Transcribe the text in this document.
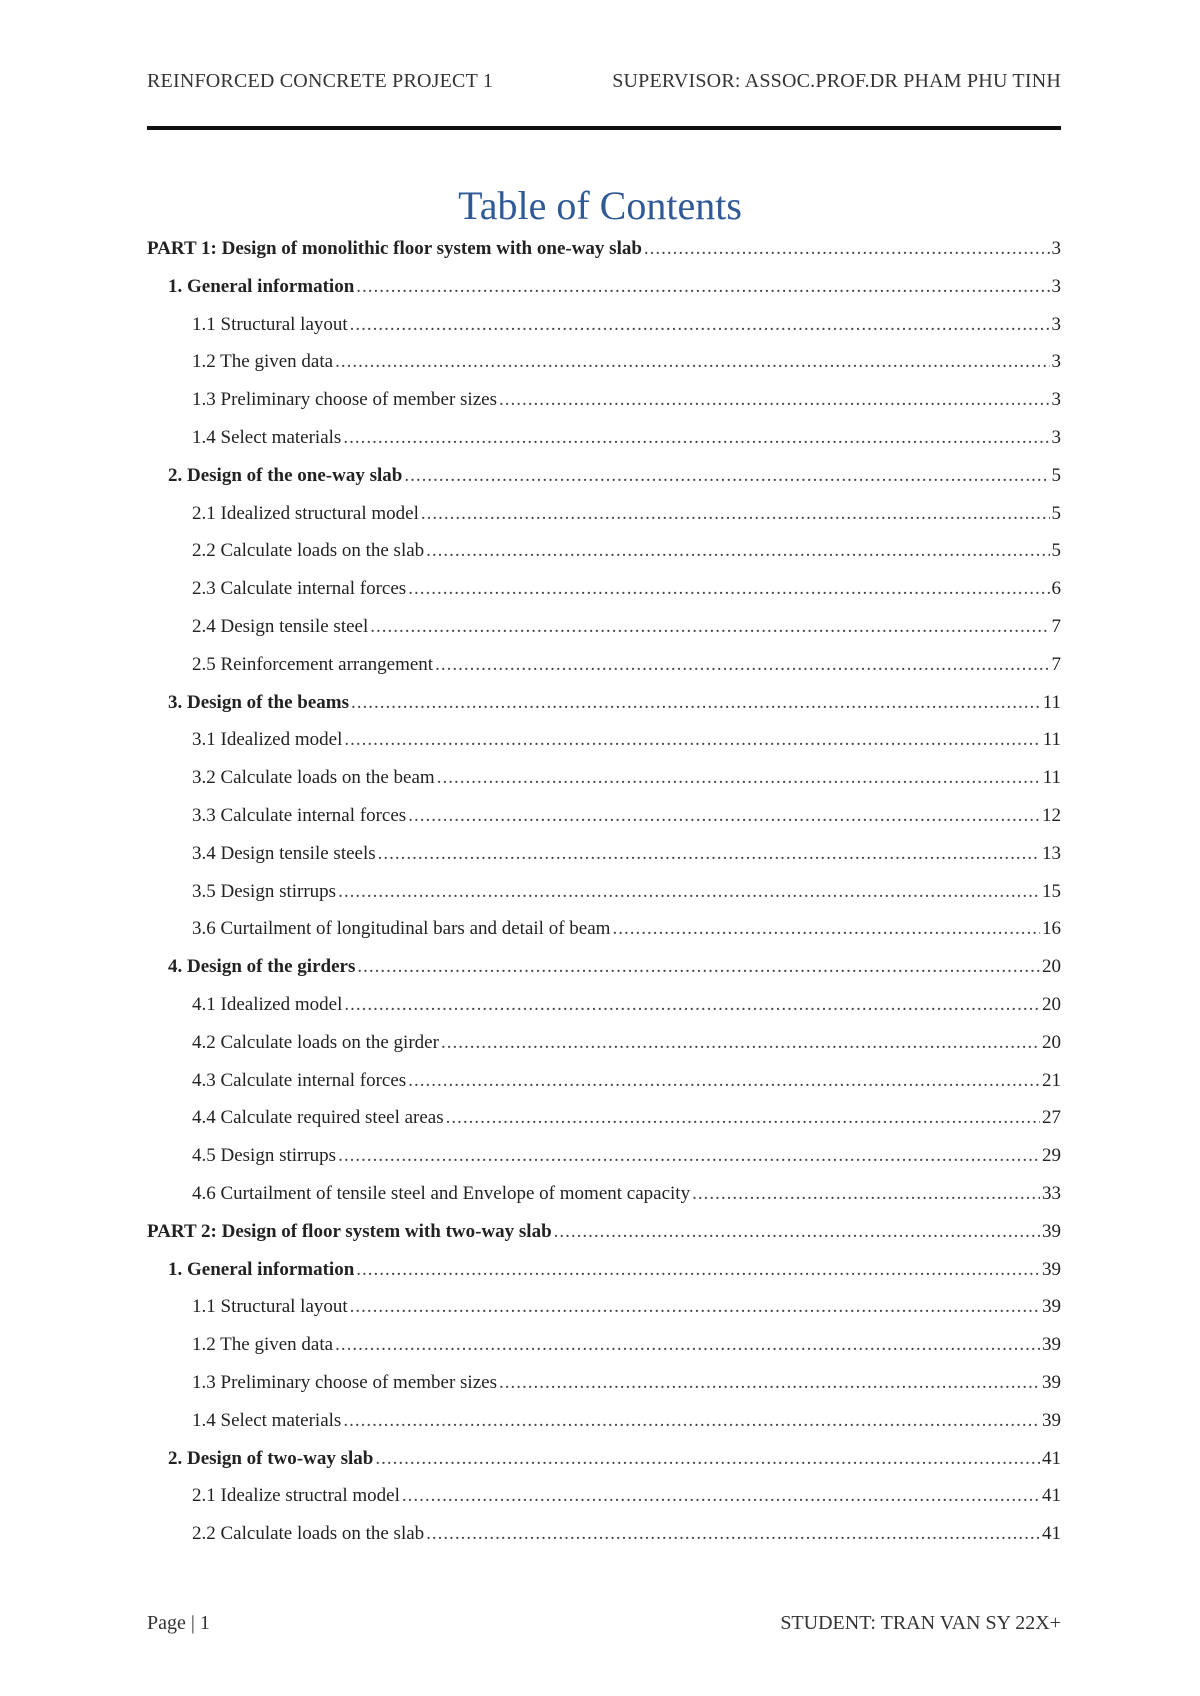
REINFORCED CONCRETE PROJECT 1	SUPERVISOR: ASSOC.PROF.DR PHAM PHU TINH
Table of Contents
PART 1: Design of monolithic floor system with one-way slab .....	3
1. General information .....	3
1.1 Structural layout .....	3
1.2 The given data .....	3
1.3 Preliminary choose of member sizes .....	3
1.4 Select materials .....	3
2. Design of the one-way slab .....	5
2.1 Idealized structural model .....	5
2.2 Calculate loads on the slab .....	5
2.3 Calculate internal forces .....	6
2.4 Design tensile steel .....	7
2.5 Reinforcement arrangement .....	7
3. Design of the beams .....	11
3.1 Idealized model .....	11
3.2 Calculate loads on the beam .....	11
3.3 Calculate internal forces .....	12
3.4 Design tensile steels .....	13
3.5 Design stirrups .....	15
3.6 Curtailment of longitudinal bars and detail of beam .....	16
4. Design of the girders .....	20
4.1 Idealized model .....	20
4.2 Calculate loads on the girder .....	20
4.3 Calculate internal forces .....	21
4.4 Calculate required steel areas .....	27
4.5 Design stirrups .....	29
4.6 Curtailment of tensile steel and Envelope of moment capacity .....	33
PART 2: Design of floor system with two-way slab .....	39
1. General information .....	39
1.1 Structural layout .....	39
1.2 The given data .....	39
1.3 Preliminary choose of member sizes .....	39
1.4 Select materials .....	39
2. Design of two-way slab .....	41
2.1 Idealize structral model .....	41
2.2 Calculate loads on the slab .....	41
Page | 1	STUDENT: TRAN VAN SY 22X+
